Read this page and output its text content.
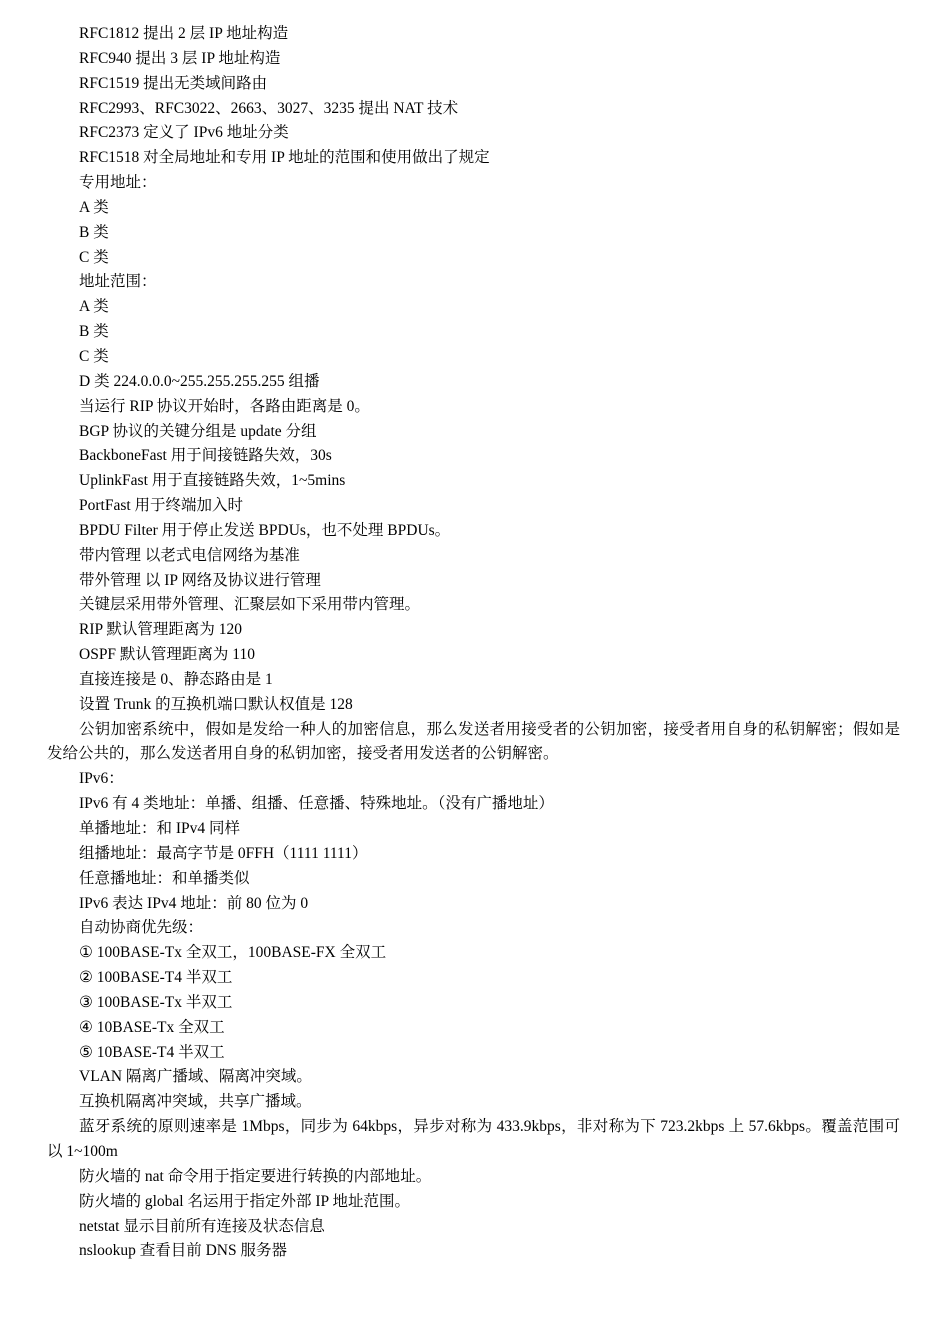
RFC1812 提出 2 层 IP 地址构造

RFC940 提出 3 层 IP 地址构造

RFC1519 提出无类域间路由

RFC2993、RFC3022、2663、3027、3235 提出 NAT 技术

RFC2373 定义了 IPv6 地址分类

RFC1518 对全局地址和专用 IP 地址的范围和使用做出了规定

专用地址：

A 类

B 类

C 类

地址范围：

A 类

B 类

C 类

D 类 224.0.0.0~255.255.255.255 组播

当运行 RIP 协议开始时，各路由距离是 0。

BGP 协议的关键分组是 update 分组

BackboneFast 用于间接链路失效，30s

UplinkFast 用于直接链路失效，1~5mins

PortFast 用于终端加入时

BPDU Filter 用于停止发送 BPDUs，也不处理 BPDUs。

带内管理 以老式电信网络为基准

带外管理 以 IP 网络及协议进行管理

关键层采用带外管理、汇聚层如下采用带内管理。

RIP 默认管理距离为 120

OSPF 默认管理距离为 110

直接连接是 0、静态路由是 1

设置 Trunk 的互换机端口默认权值是 128

公钥加密系统中，假如是发给一种人的加密信息，那么发送者用接受者的公钥加密，接受者用自身的私钥解密；假如是发给公共的，那么发送者用自身的私钥加密，接受者用发送者的公钥解密。

IPv6：

IPv6 有 4 类地址：单播、组播、任意播、特殊地址。（没有广播地址）

单播地址：和 IPv4 同样

组播地址：最高字节是 0FFH（1111 1111）

任意播地址：和单播类似

IPv6 表达 IPv4 地址：前 80 位为 0

自动协商优先级：

① 100BASE-Tx 全双工，100BASE-FX 全双工

② 100BASE-T4 半双工

③ 100BASE-Tx 半双工

④ 10BASE-Tx 全双工

⑤ 10BASE-T4 半双工

VLAN 隔离广播域、隔离冲突域。

互换机隔离冲突域，共享广播域。

蓝牙系统的原则速率是 1Mbps，同步为 64kbps，异步对称为 433.9kbps，非对称为下 723.2kbps 上 57.6kbps。覆盖范围可以 1~100m

防火墙的 nat 命令用于指定要进行转换的内部地址。

防火墙的 global 名运用于指定外部 IP 地址范围。

netstat 显示目前所有连接及状态信息

nslookup 查看目前 DNS 服务器
